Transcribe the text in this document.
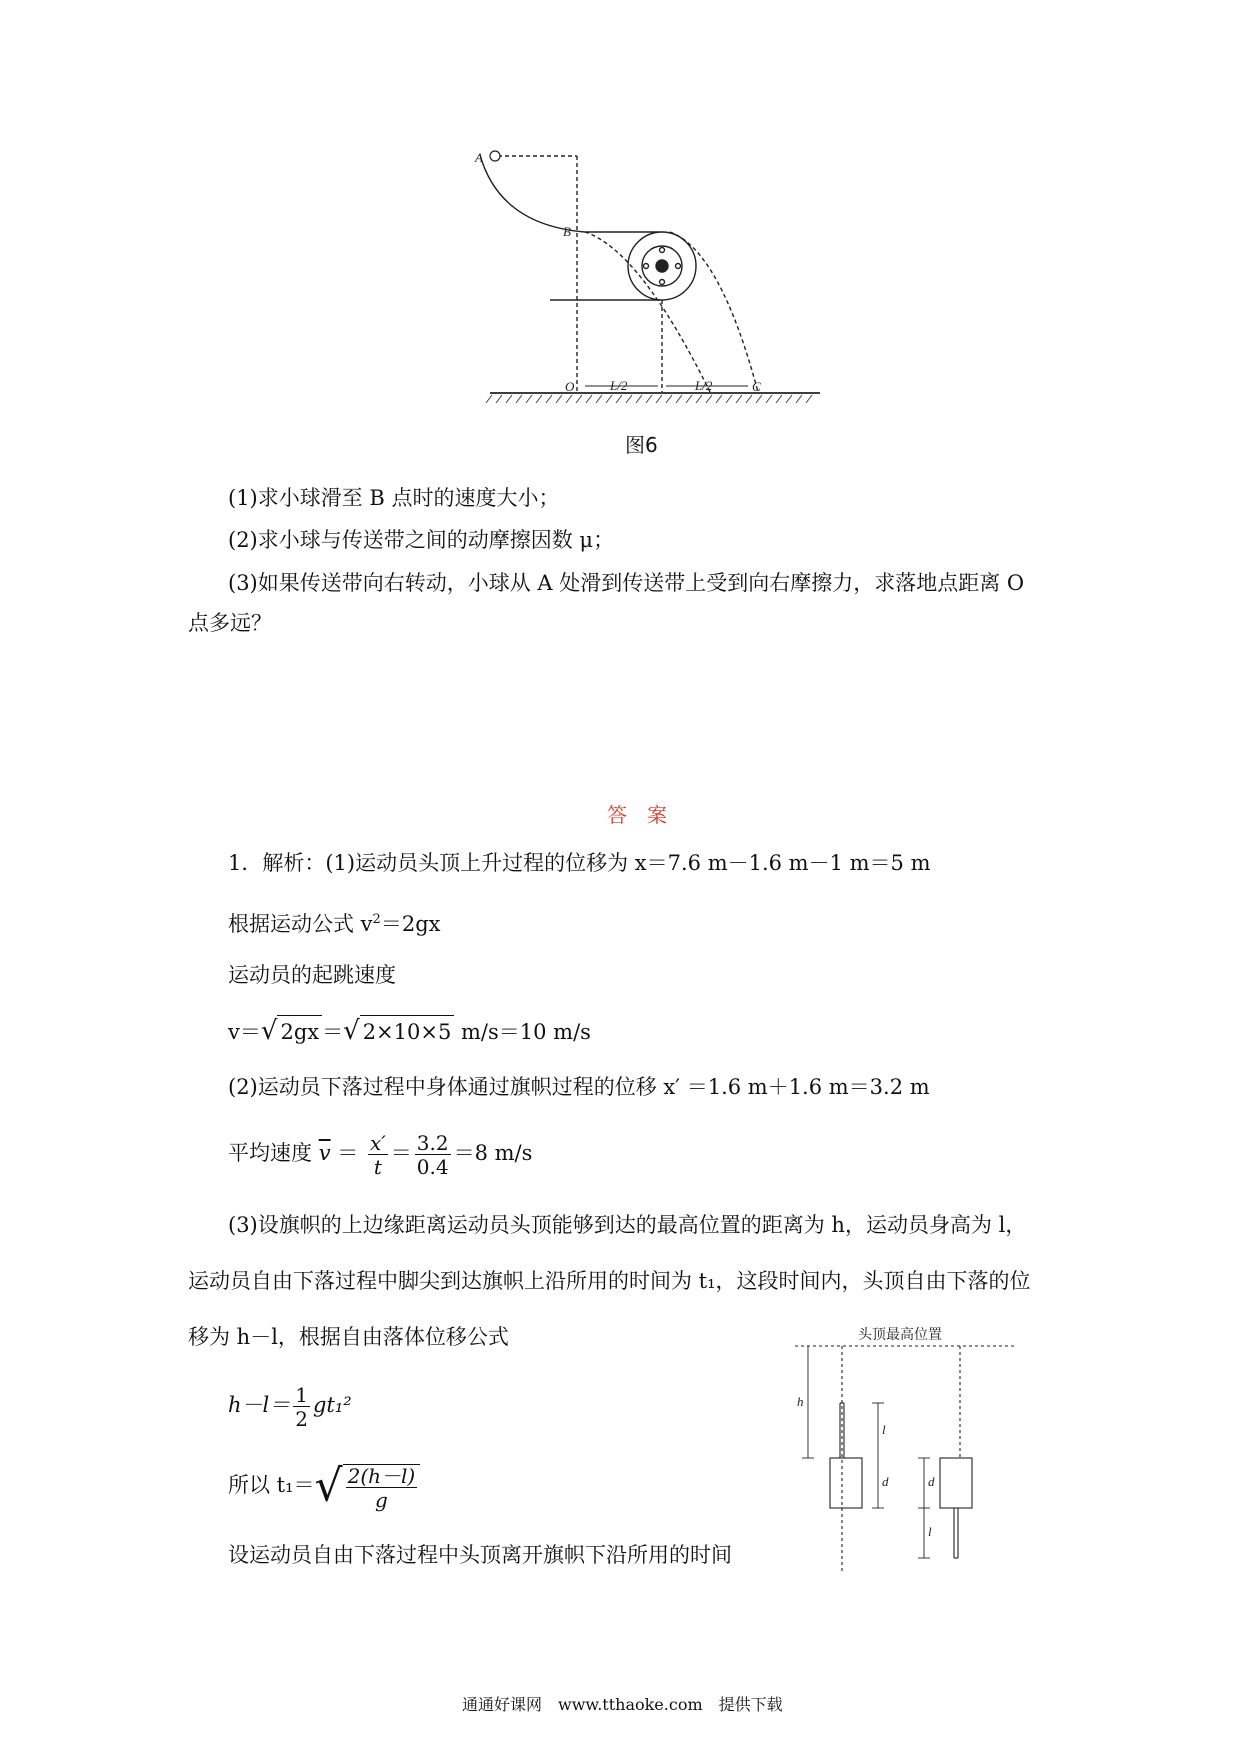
A
B
O	C
L/2	L/2
图6
(1)求小球滑至 B 点时的速度大小；
(2)求小球与传送带之间的动摩擦因数 μ；
(3)如果传送带向右转动，小球从 A 处滑到传送带上受到向右摩擦力，求落地点距离 O
点多远？
答　案
1．解析：(1)运动员头顶上升过程的位移为 x＝7.6 m－1.6 m－1 m＝5 m
根据运动公式 $v^2=2gx$
运动员的起跳速度
v＝√ 2gx ＝√ 2×10×5 m/s＝10 m/s
(2)运动员下落过程中身体通过旗帜过程的位移 x′ ＝1.6 m＋1.6 m＝3.2 m
平均速度 $\overline{v} = \frac{x'}{t} = \frac{3.2}{0.4} =8$ m/s
(3)设旗帜的上边缘距离运动员头顶能够到达的最高位置的距离为 h，运动员身高为 l，
运动员自由下落过程中脚尖到达旗帜上沿所用的时间为 t₁，这段时间内，头顶自由下落的位
移为 h－l，根据自由落体位移公式
$h-l= \frac{1}{2} gt_1^2$
所以 $t_1=√ \frac{2(h-l)}{g}$
设运动员自由下落过程中头顶离开旗帜下沿所用的时间
头顶最高位置
h
l
d	d
l
通通好课网　www.tthaoke.com　提供下载
